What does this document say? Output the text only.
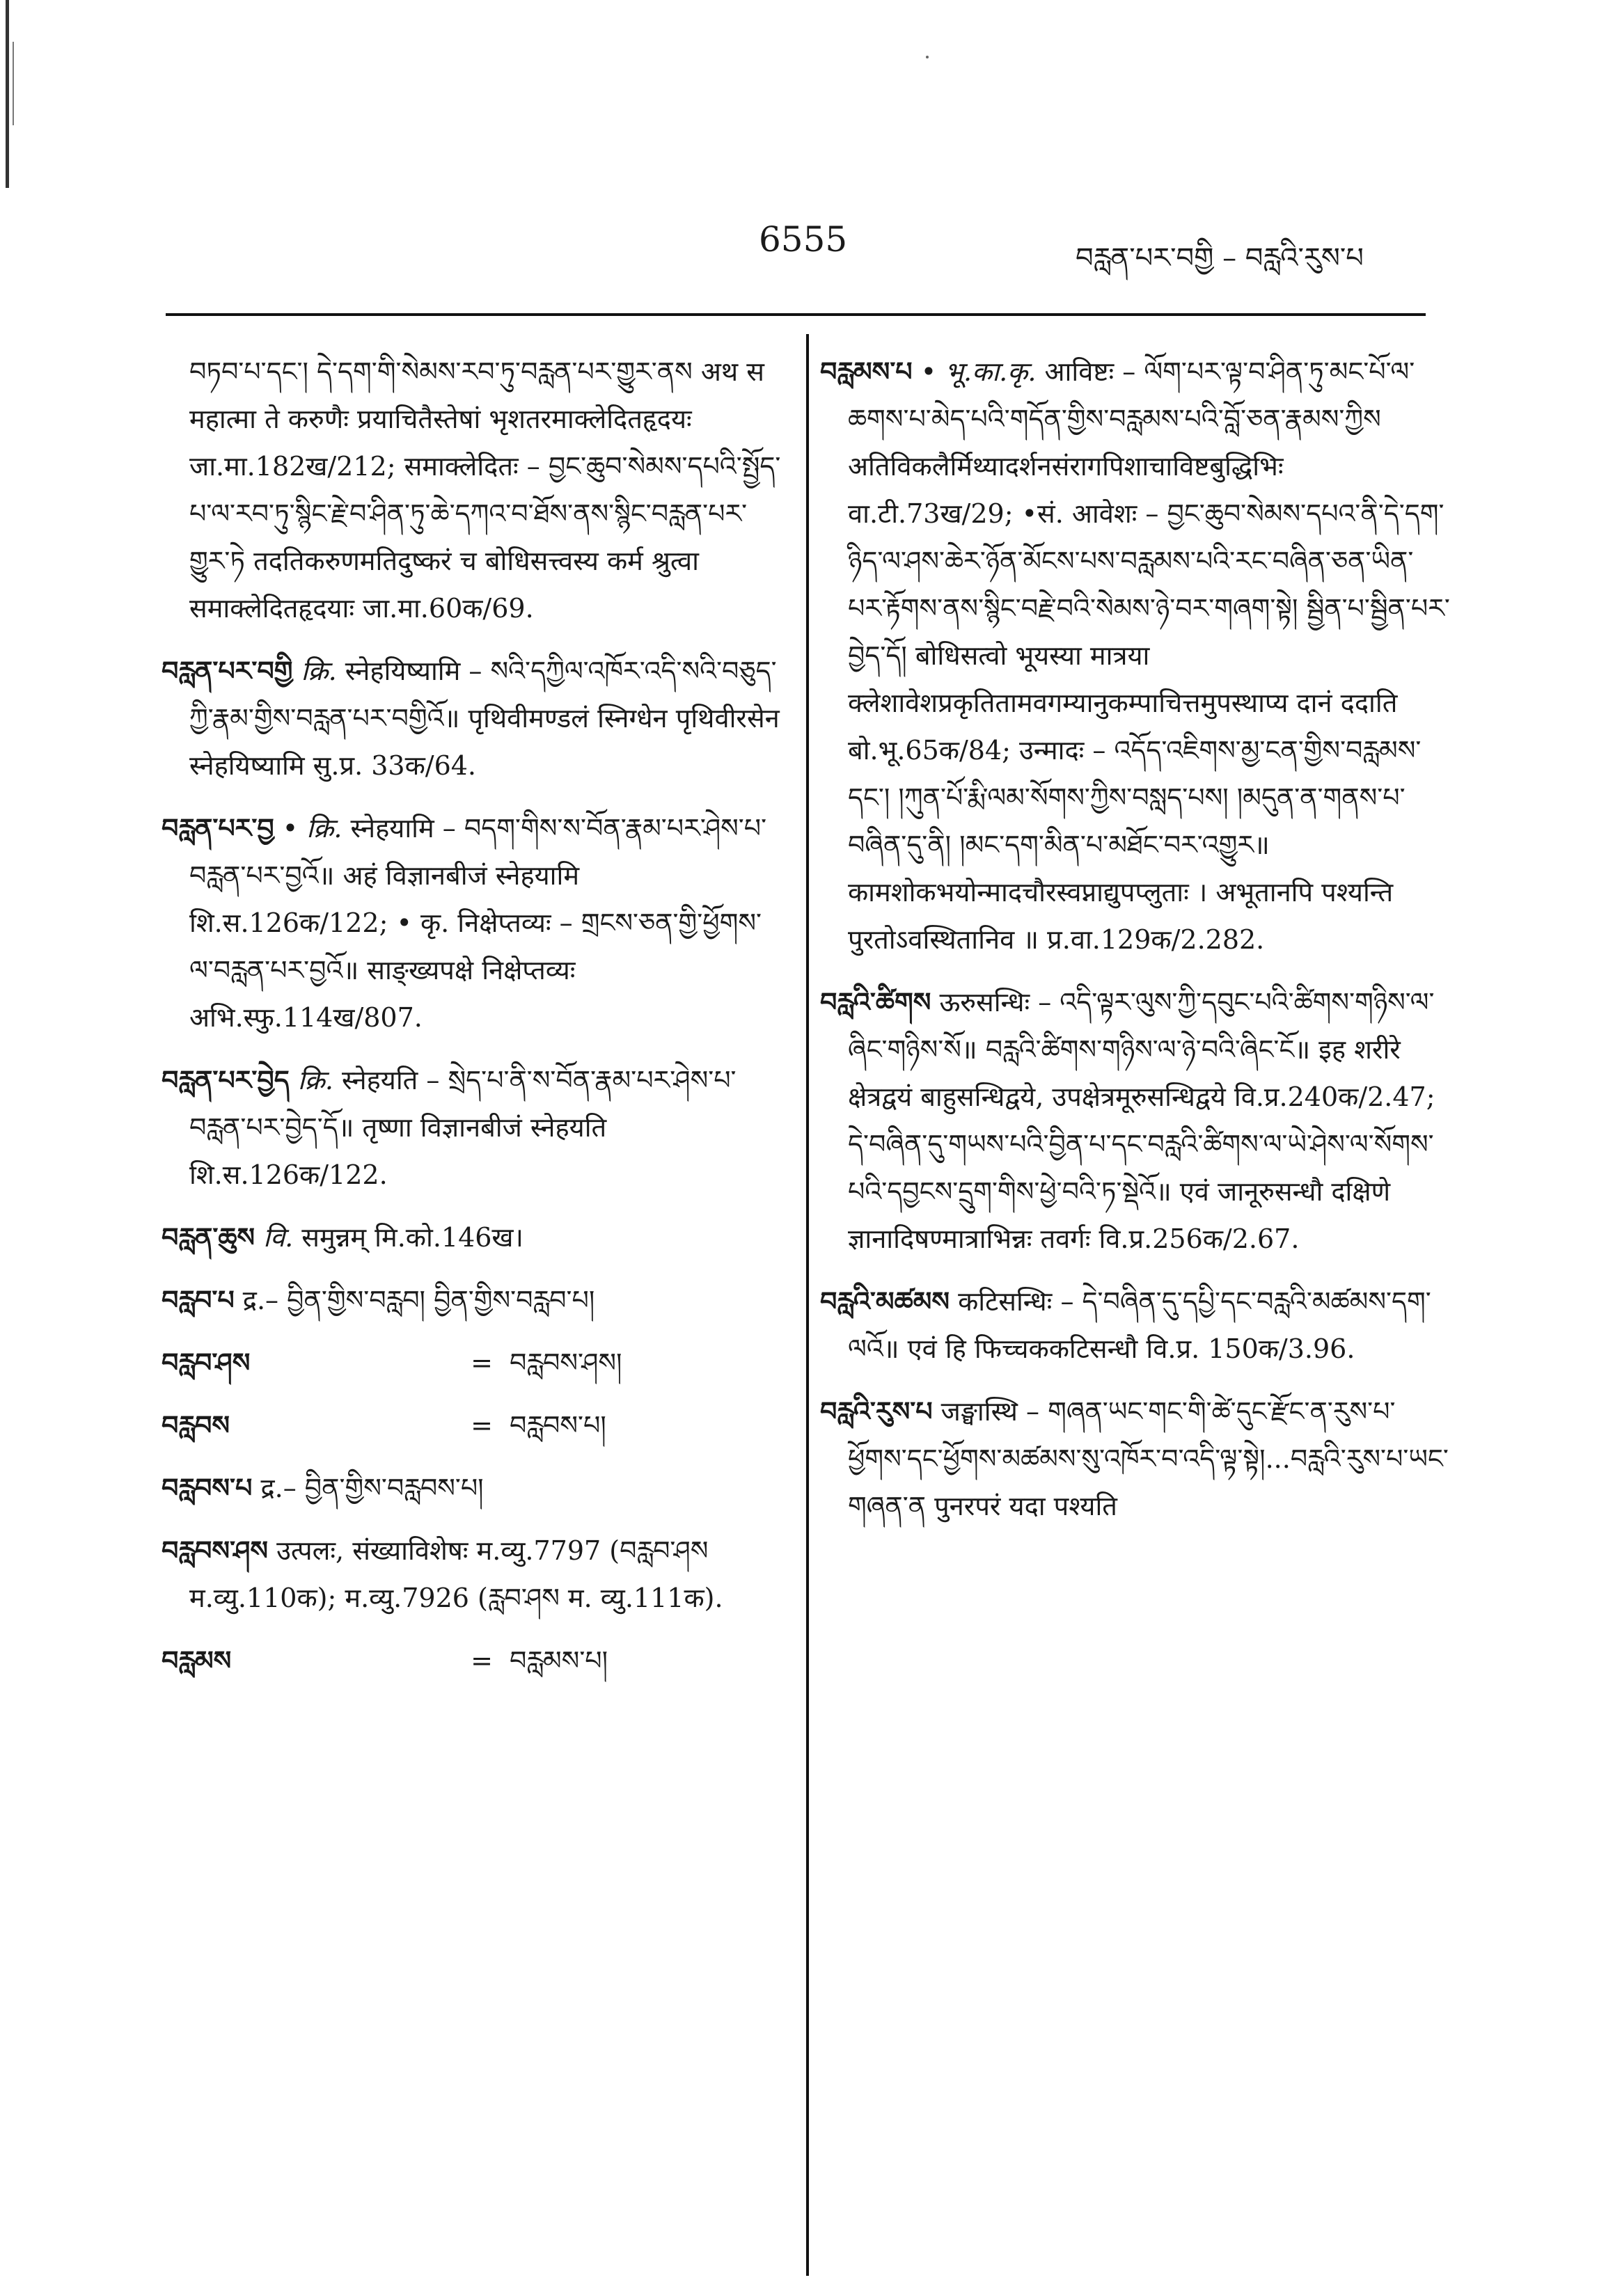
6555	བརླན་པར་བགྱི – བརླའི་རུས་པ

བཏབ་པ་དང་། དེ་དག་གི་སེམས་རབ་ཏུ་བརླན་པར་གྱུར་ནས अथ स महात्मा ते करुणैः प्रयाचितैस्तेषां भृशतरमाक्लेदितहृदयः जा.मा.182ख/212; समाक्लेदितः – བྱང་ཆུབ་སེམས་དཔའི་སྤྱོད་པ་ལ་རབ་ཏུ་སྙིང་རྗེ་བ་ཤིན་ཏུ་ཆེ་དཀའ་བ་ཐོས་ནས་སྙིང་བརླན་པར་གྱུར་ཏེ तदतिकरुणमतिदुष्करं च बोधिसत्त्वस्य कर्म श्रुत्वा समाक्लेदितहृदयाः जा.मा.60क/69.

བརླན་པར་བགྱི क्रि. स्नेहयिष्यामि – སའི་དཀྱིལ་འཁོར་འདི་སའི་བཅུད་ཀྱི་རྣམ་གྱིས་བརླན་པར་བགྱིའོ॥ पृथिवीमण्डलं स्निग्धेन पृथिवीरसेन स्नेहयिष्यामि सु.प्र. 33क/64.

བརླན་པར་བྱ • क्रि. स्नेहयामि – བདག་གིས་ས་བོན་རྣམ་པར་ཤེས་པ་བརླན་པར་བྱའོ॥ अहं विज्ञानबीजं स्नेहयामि शि.स.126क/122; • कृ. निक्षेप्तव्यः – གྲངས་ཅན་གྱི་ཕྱོགས་ལ་བརླན་པར་བྱའོ॥ साङ्ख्यपक्षे निक्षेप्तव्यः अभि.स्फु.114ख/807.

བརླན་པར་བྱེད क्रि. स्नेहयति – སྲེད་པ་ནི་ས་བོན་རྣམ་པར་ཤེས་པ་བརླན་པར་བྱེད་དོ॥ तृष्णा विज्ञानबीजं स्नेहयति शि.स.126क/122.

བརླན་ཆུས वि. समुन्नम् मि.को.146ख।

བརླབ་པ द्र.– བྱིན་གྱིས་བརླབ། བྱིན་གྱིས་བརླབ་པ།

བརླབ་ཤས	= བརླབས་ཤས།
བརླབས	= བརླབས་པ།

བརླབས་པ द्र.– བྱིན་གྱིས་བརླབས་པ།

བརླབས་ཤས उत्पलः, संख्याविशेषः म.व्यु.7797 (བརླབ་ཤས म.व्यु.110क); म.व्यु.7926 (རླབ་ཤས म. व्यु.111क).

བརླམས	= བརླམས་པ།

བརླམས་པ • भू.का.कृ. आविष्टः – ལོག་པར་ལྟ་བ་ཤིན་ཏུ་མང་པོ་ལ་ཆགས་པ་མེད་པའི་གདོན་གྱིས་བརླམས་པའི་བློ་ཅན་རྣམས་ཀྱིས अतिविकलैर्मिथ्यादर्शनसंरागपिशाचाविष्टबुद्धिभिः वा.टी.73ख/29; •सं. आवेशः – བྱང་ཆུབ་སེམས་དཔའ་ནི་དེ་དག་ཉིད་ལ་ཤས་ཆེར་ཉོན་མོངས་པས་བརླམས་པའི་རང་བཞིན་ཅན་ཡིན་པར་རྟོགས་ནས་སྙིང་བརྗེ་བའི་སེམས་ཉེ་བར་གཞག་སྟེ། སྦྱིན་པ་སྦྱིན་པར་བྱེད་དོ། बोधिसत्वो भूयस्या मात्रया क्लेशावेशप्रकृतितामवगम्यानुकम्पाचित्तमुपस्थाप्य दानं ददाति बो.भू.65क/84; उन्मादः – འདོད་འཇིགས་མྱ་ངན་གྱིས་བརླམས་དང་། །ཀུན་པོ་རྨི་ལམ་སོགས་ཀྱིས་བསླད་པས། །མདུན་ན་གནས་པ་བཞིན་དུ་ནི། །མང་དག་མིན་པ་མཐོང་བར་འགྱུར॥ कामशोकभयोन्मादचौरस्वप्नाद्युपप्लुताः । अभूतानपि पश्यन्ति पुरतोऽवस्थितानिव ॥ प्र.वा.129क/2.282.

བརླའི་ཚིགས ऊरुसन्धिः – འདི་ལྟར་ལུས་ཀྱི་དབུང་པའི་ཚིགས་གཉིས་ལ་ཞིང་གཉིས་སོ॥ བརླའི་ཚིགས་གཉིས་ལ་ཉེ་བའི་ཞིང་ངོ॥ इह शरीरे क्षेत्रद्वयं बाहुसन्धिद्वये, उपक्षेत्रमूरुसन्धिद्वये वि.प्र.240क/2.47; དེ་བཞིན་དུ་གཡས་པའི་བྱིན་པ་དང་བརླའི་ཚིགས་ལ་ཡེ་ཤེས་ལ་སོགས་པའི་དབྱངས་དྲུག་གིས་ཕྱེ་བའི་ཏ་སྡེའོ॥ एवं जानूरुसन्धौ दक्षिणे ज्ञानादिषण्मात्राभिन्नः तवर्गः वि.प्र.256क/2.67.

བརླའི་མཚམས कटिसन्धिः – དེ་བཞིན་དུ་དཔྱི་དང་བརླའི་མཚམས་དག་ལའོ॥ एवं हि फिच्चककटिसन्धौ वि.प्र. 150क/3.96.

བརླའི་རུས་པ जङ्घास्थि – གཞན་ཡང་གང་གི་ཚེ་དུང་རྫོང་ན་རུས་པ་ཕྱོགས་དང་ཕྱོགས་མཚམས་སུ་འཁོར་བ་འདི་ལྟ་སྟེ།...བརླའི་རུས་པ་ཡང་གཞན་ན पुनरपरं यदा पश्यति
